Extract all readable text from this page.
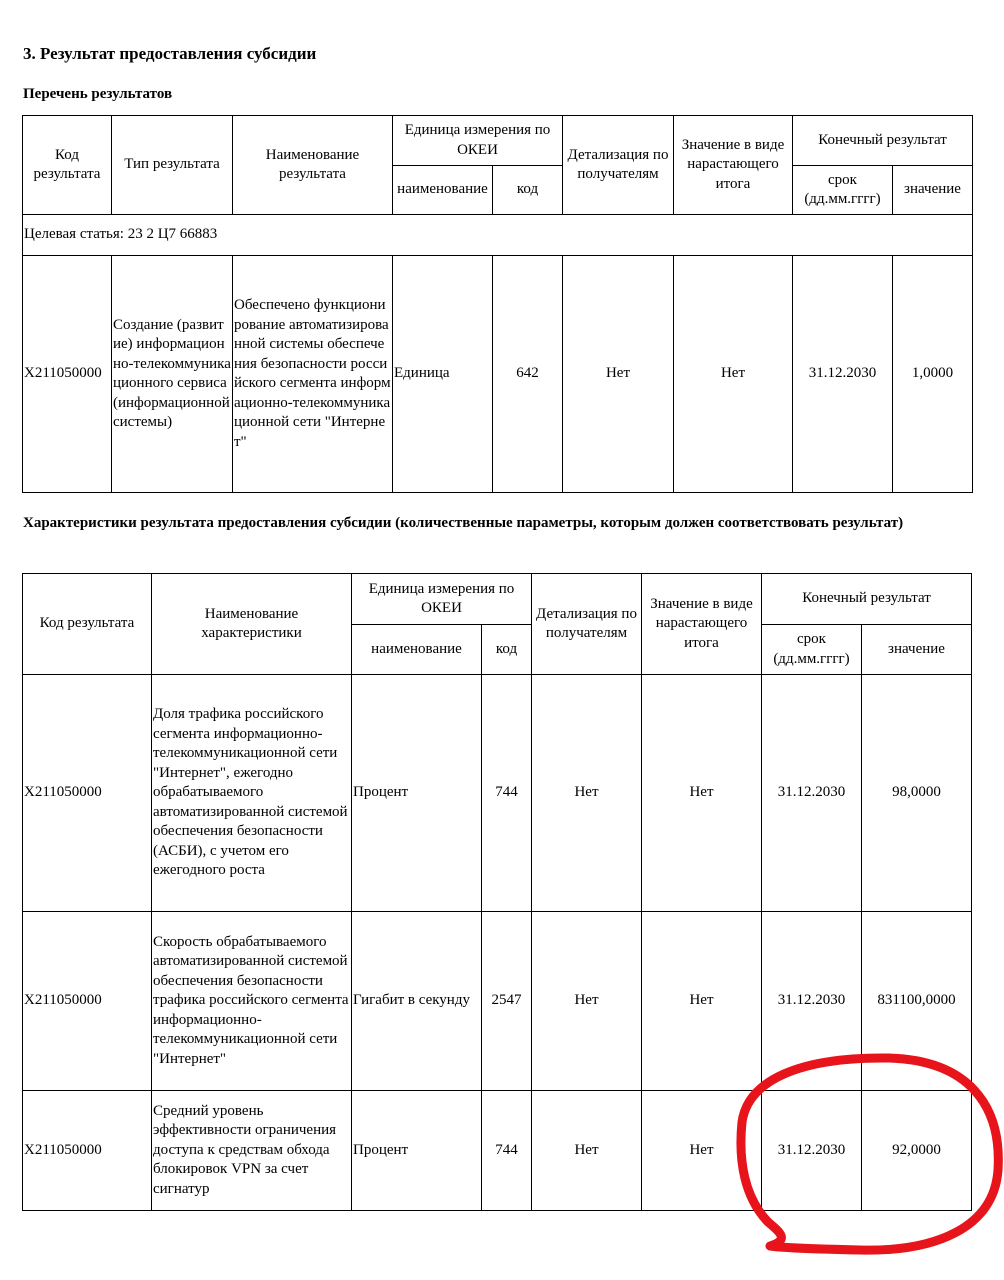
3. Результат предоставления субсидии
Перечень результатов
Код результата	Тип результата	Наименование результата	Единица измерения по ОКЕИ		Детализация по получателям	Значение в виде нарастающего итога	Конечный результат	
			наименование	код			срок (дд.мм.гггг)	значение
Целевая статья: 23 2 Ц7 66883								
X211050000	Создание (развитие) информационно-телекоммуникационного сервиса (информационной системы)	Обеспечено функционирование автоматизированной системы обеспечения безопасности российского сегмента информационно-телекоммуникационной сети "Интернет"	Единица	642	Нет	Нет	31.12.2030	1,0000
Характеристики результата предоставления субсидии (количественные параметры, которым должен соответствовать результат)
Код результата	Наименование характеристики	Единица измерения по ОКЕИ		Детализация по получателям	Значение в виде нарастающего итога	Конечный результат	
		наименование	код			срок (дд.мм.гггг)	значение
X211050000	Доля трафика российского сегмента информационно-телекоммуникационной сети "Интернет", ежегодно обрабатываемого автоматизированной системой обеспечения безопасности (АСБИ), с учетом его ежегодного роста	Процент	744	Нет	Нет	31.12.2030	98,0000
X211050000	Скорость обрабатываемого автоматизированной системой обеспечения безопасности трафика российского сегмента информационно-телекоммуникационной сети "Интернет"	Гигабит в секунду	2547	Нет	Нет	31.12.2030	831100,0000
X211050000	Средний уровень эффективности ограничения доступа к средствам обхода блокировок VPN за счет сигнатур	Процент	744	Нет	Нет	31.12.2030	92,0000
